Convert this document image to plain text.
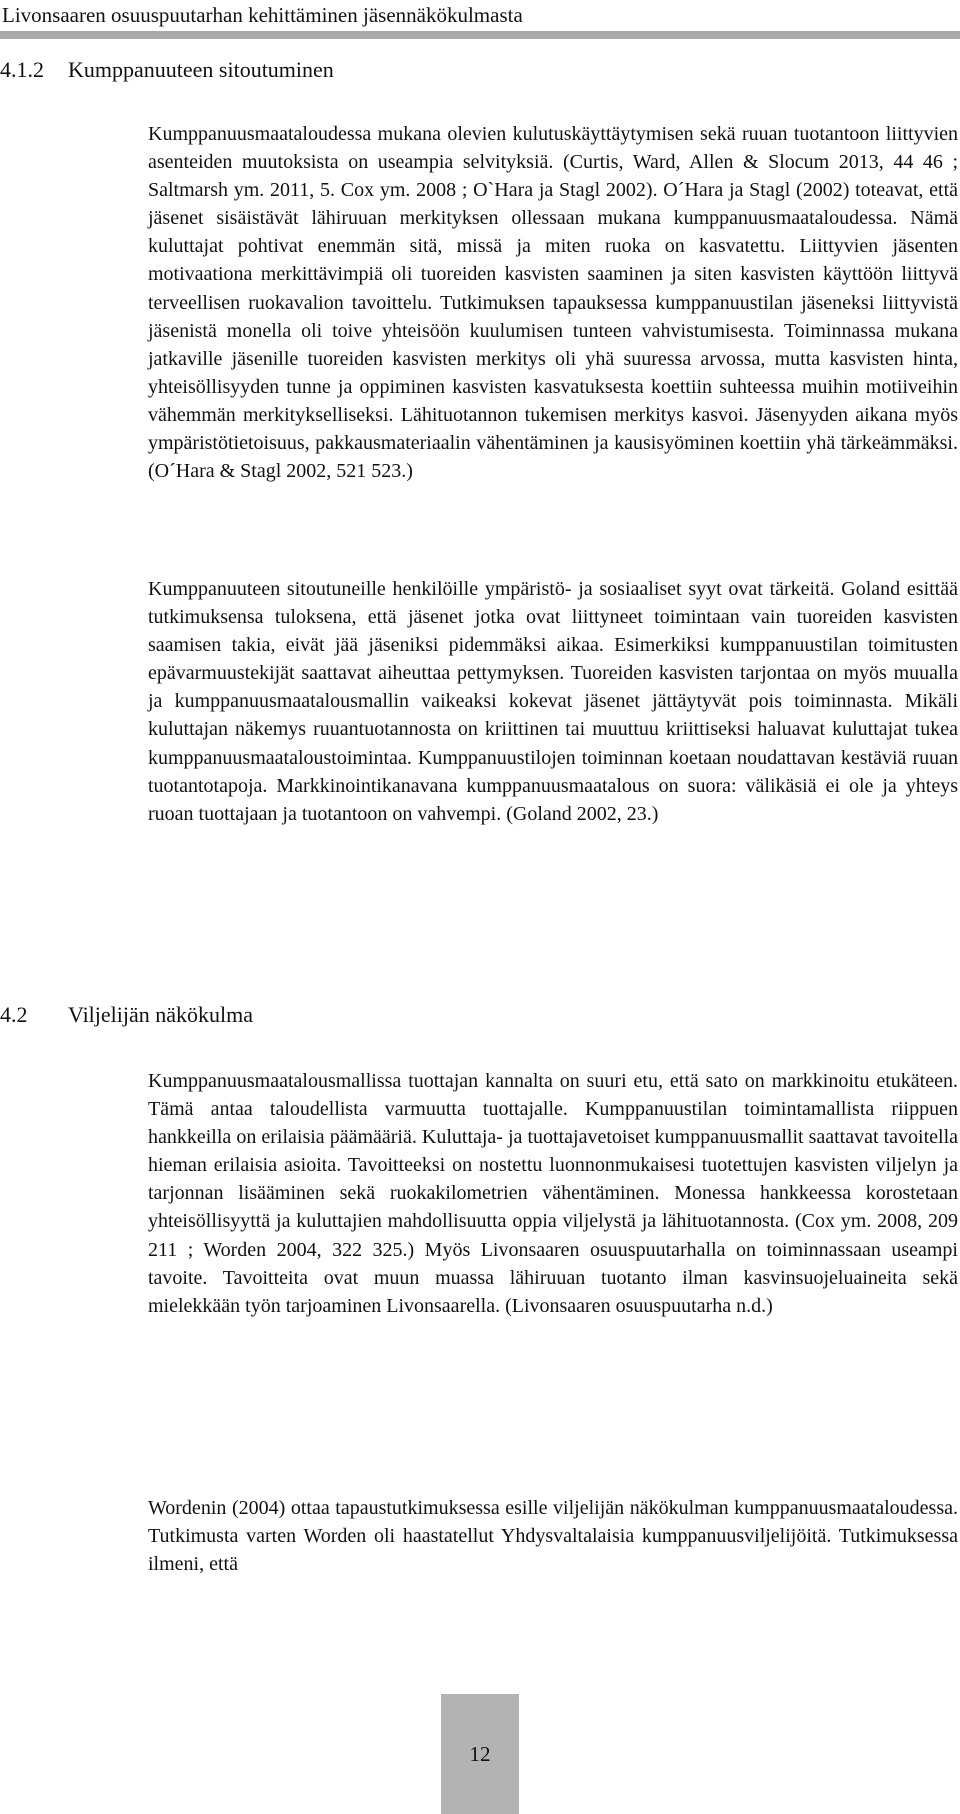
Livonsaaren osuuspuutarhan kehittäminen jäsennäkökulmasta
4.1.2 Kumppanuuteen sitoutuminen

Kumppanuusmaataloudessa mukana olevien kulutuskäyttäytymisen sekä ruuan tuotantoon liittyvien asenteiden muutoksista on useampia selvityksiä. (Curtis, Ward, Allen & Slocum 2013, 44 46 ; Saltmarsh ym. 2011, 5. Cox ym. 2008 ; O`Hara ja Stagl 2002). O´Hara ja Stagl (2002) toteavat, että jäsenet sisäistävät lähiruuan merkityksen ollessaan mukana kumppanuusmaataloudessa. Nämä kuluttajat pohtivat enemmän sitä, missä ja miten ruoka on kasvatettu. Liittyvien jäsenten motivaationa merkittävimpiä oli tuoreiden kasvisten saaminen ja siten kasvisten käyttöön liittyvä terveellisen ruokavalion tavoittelu. Tutkimuksen tapauksessa kumppanuustilan jäseneksi liittyvistä jäsenistä monella oli toive yhteisöön kuulumisen tunteen vahvistumisesta. Toiminnassa mukana jatkaville jäsenille tuoreiden kasvisten merkitys oli yhä suuressa arvossa, mutta kasvisten hinta, yhteisöllisyyden tunne ja oppiminen kasvisten kasvatuksesta koettiin suhteessa muihin motiiveihin vähemmän merkitykselliseksi. Lähituotannon tukemisen merkitys kasvoi. Jäsenyyden aikana myös ympäristötietoisuus, pakkausmateriaalin vähentäminen ja kausisyöminen koettiin yhä tärkeämmäksi. (O´Hara & Stagl 2002, 521 523.)

Kumppanuuteen sitoutuneille henkilöille ympäristö- ja sosiaaliset syyt ovat tärkeitä. Goland esittää tutkimuksensa tuloksena, että jäsenet jotka ovat liittyneet toimintaan vain tuoreiden kasvisten saamisen takia, eivät jää jäseniksi pidemmäksi aikaa. Esimerkiksi kumppanuustilan toimitusten epävarmuustekijät saattavat aiheuttaa pettymyksen. Tuoreiden kasvisten tarjontaa on myös muualla ja kumppanuusmaatalousmallin vaikeaksi kokevat jäsenet jättäytyvät pois toiminnasta. Mikäli kuluttajan näkemys ruuantuotannosta on kriittinen tai muuttuu kriittiseksi haluavat kuluttajat tukea kumppanuusmaataloustoimintaa. Kumppanuustilojen toiminnan koetaan noudattavan kestäviä ruuan tuotantotapoja. Markkinointikanavana kumppanuusmaatalous on suora: välikäsiä ei ole ja yhteys ruoan tuottajaan ja tuotantoon on vahvempi. (Goland 2002, 23.)

4.2 Viljelijän näkökulma

Kumppanuusmaatalousmallissa tuottajan kannalta on suuri etu, että sato on markkinoitu etukäteen. Tämä antaa taloudellista varmuutta tuottajalle. Kumppanuustilan toimintamallista riippuen hankkeilla on erilaisia päämääriä. Kuluttaja- ja tuottajavetoiset kumppanuusmallit saattavat tavoitella hieman erilaisia asioita. Tavoitteeksi on nostettu luonnonmukaisesi tuotettujen kasvisten viljelyn ja tarjonnan lisääminen sekä ruokakilometrien vähentäminen. Monessa hankkeessa korostetaan yhteisöllisyyttä ja kuluttajien mahdollisuutta oppia viljelystä ja lähituotannosta. (Cox ym. 2008, 209 211 ; Worden 2004, 322 325.) Myös Livonsaaren osuuspuutarhalla on toiminnassaan useampi tavoite. Tavoitteita ovat muun muassa lähiruuan tuotanto ilman kasvinsuojeluaineita sekä mielekkään työn tarjoaminen Livonsaarella. (Livonsaaren osuuspuutarha n.d.)

Wordenin (2004) ottaa tapaustutkimuksessa esille viljelijän näkökulman kumppanuusmaataloudessa. Tutkimusta varten Worden oli haastatellut Yhdysvaltalaisia kumppanuusviljelijöitä. Tutkimuksessa ilmeni, että

12
